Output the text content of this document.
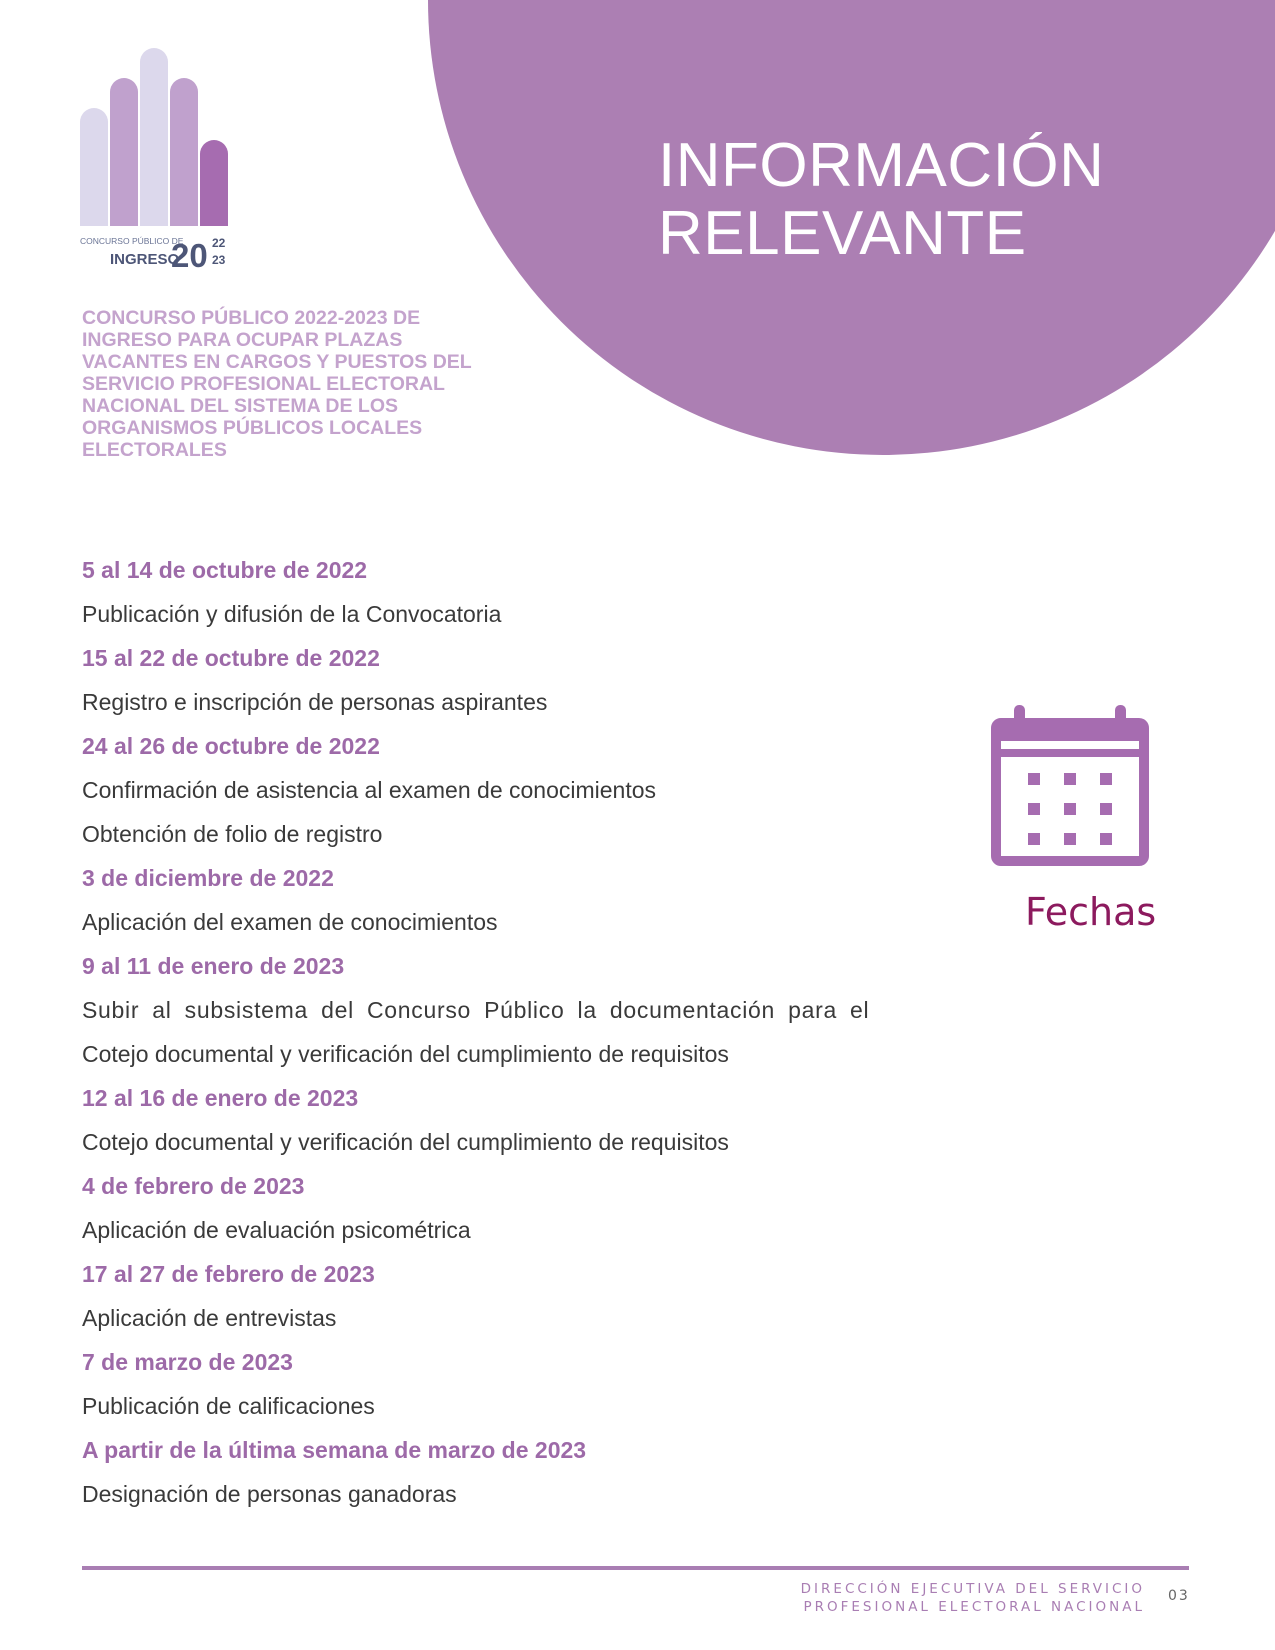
INFORMACIÓN
RELEVANTE
CONCURSO PÚBLICO DE
INGRESO
20 22
23

CONCURSO PÚBLICO 2022-2023 DE
INGRESO PARA OCUPAR PLAZAS
VACANTES EN CARGOS Y PUESTOS DEL
SERVICIO PROFESIONAL ELECTORAL
NACIONAL DEL SISTEMA DE LOS
ORGANISMOS PÚBLICOS LOCALES
ELECTORALES

5 al 14 de octubre de 2022
Publicación y difusión de la Convocatoria
15 al 22 de octubre de 2022
Registro e inscripción de personas aspirantes
24 al 26 de octubre de 2022
Confirmación de asistencia al examen de conocimientos
Obtención de folio de registro
3 de diciembre de 2022
Aplicación del examen de conocimientos
9 al 11 de enero de 2023
Subir al subsistema del Concurso Público la documentación para el
Cotejo documental y verificación del cumplimiento de requisitos
12 al 16 de enero de 2023
Cotejo documental y verificación del cumplimiento de requisitos
4 de febrero de 2023
Aplicación de evaluación psicométrica
17 al 27 de febrero de 2023
Aplicación de entrevistas
7 de marzo de 2023
Publicación de calificaciones
A partir de la última semana de marzo de 2023
Designación de personas ganadoras
Fechas
DIRECCIÓN EJECUTIVA DEL SERVICIO
PROFESIONAL ELECTORAL NACIONAL
03
